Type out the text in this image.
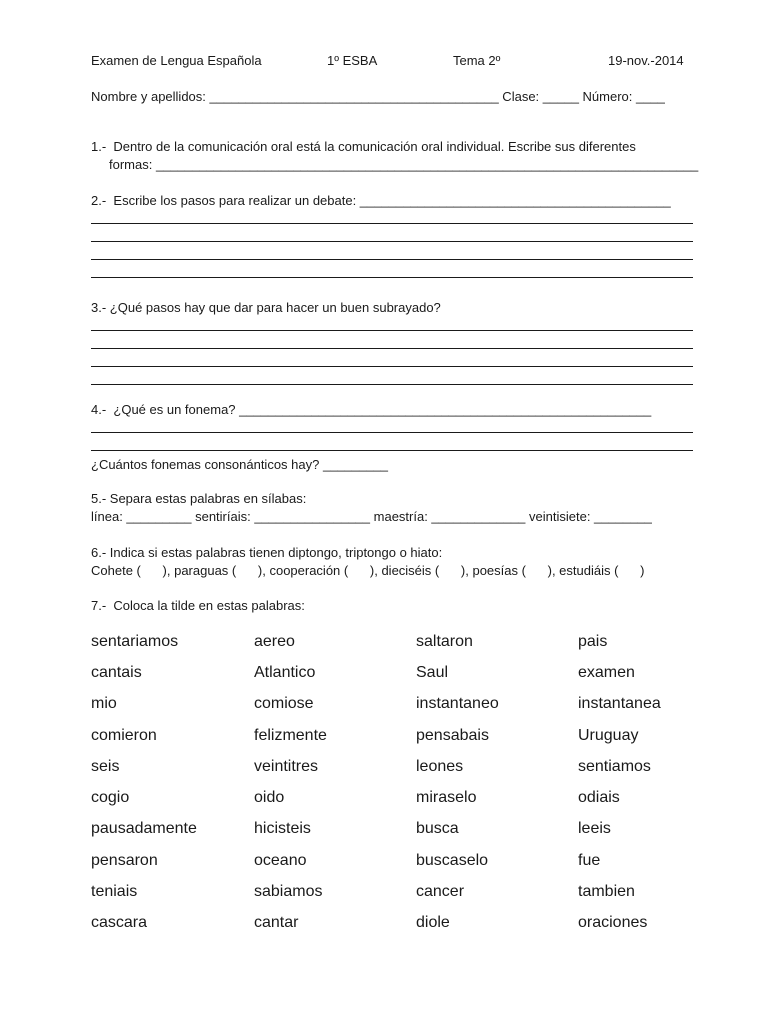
Examen de Lengua Española	1º ESBA	Tema 2º	19-nov.-2014
Nombre y apellidos: ________________________________________ Clase: _____ Número: ____
1.-  Dentro de la comunicación oral está la comunicación oral individual. Escribe sus diferentes
formas: ___________________________________________________________________________
2.-  Escribe los pasos para realizar un debate: ___________________________________________
3.- ¿Qué pasos hay que dar para hacer un buen subrayado?
4.-  ¿Qué es un fonema? _________________________________________________________
¿Cuántos fonemas consonánticos hay? _________
5.- Separa estas palabras en sílabas:
línea: _________ sentiríais: ________________ maestría: _____________ veintisiete: ________
6.- Indica si estas palabras tienen diptongo, triptongo o hiato:
Cohete (      ), paraguas (      ), cooperación (      ), dieciséis (      ), poesías (      ), estudiáis (      )
7.-  Coloca la tilde en estas palabras:
sentariamos	aereo	saltaron	pais
cantais	Atlantico	Saul	examen
mio	comiose	instantaneo	instantanea
comieron	felizmente	pensabais	Uruguay
seis	veintitres	leones	sentiamos
cogio	oido	miraselo	odiais
pausadamente	hicisteis	busca	leeis
pensaron	oceano	buscaselo	fue
teniais	sabiamos	cancer	tambien
cascara	cantar	diole	oraciones
